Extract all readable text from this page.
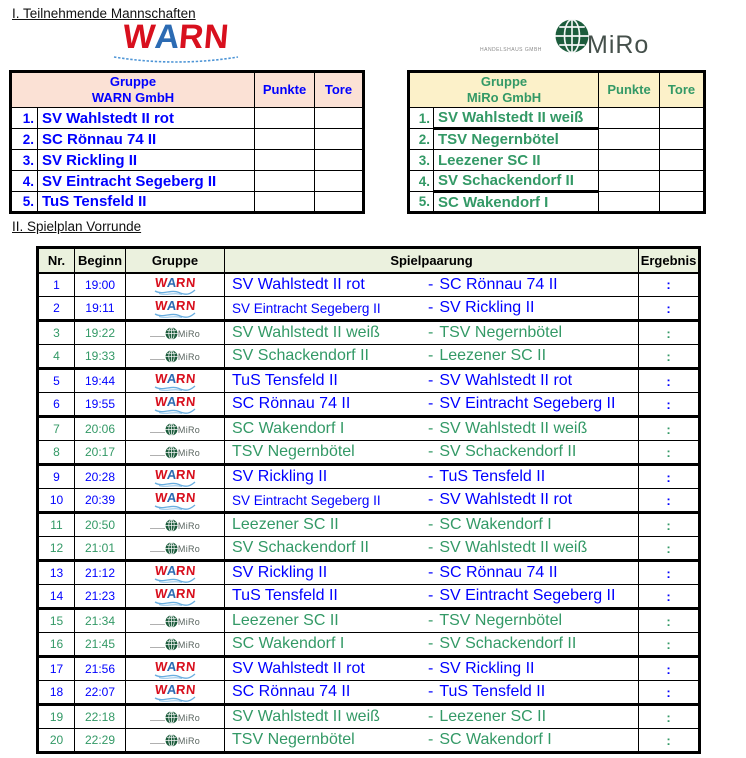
I. Teilnehmende Mannschaften
WARN	HANDELSHAUS GMBH MiRo
Gruppe
WARN GmbH		Punkte	Tore
1.	SV Wahlstedt II rot		
2.	SC Rönnau 74 II		
3.	SV Rickling II		
4.	SV Eintracht Segeberg II		
5.	TuS Tensfeld II		
Gruppe
MiRo GmbH		Punkte	Tore
1.	SV Wahlstedt II weiß		
2.	TSV Negernbötel		
3.	Leezener SC II		
4.	SV Schackendorf II		
5.	SC Wakendorf I		
II. Spielplan Vorrunde
Nr.	Beginn	Gruppe	Spielpaarung	Ergebnis
1	19:00	WARN	SV Wahlstedt II rot - SC Rönnau 74 II	:
2	19:11	WARN	SV Eintracht Segeberg II - SV Rickling II	:
3	19:22	MiRo	SV Wahlstedt II weiß - TSV Negernbötel	:
4	19:33	MiRo	SV Schackendorf II - Leezener SC II	:
5	19:44	WARN	TuS Tensfeld II - SV Wahlstedt II rot	:
6	19:55	WARN	SC Rönnau 74 II - SV Eintracht Segeberg II	:
7	20:06	MiRo	SC Wakendorf I - SV Wahlstedt II weiß	:
8	20:17	MiRo	TSV Negernbötel - SV Schackendorf II	:
9	20:28	WARN	SV Rickling II - TuS Tensfeld II	:
10	20:39	WARN	SV Eintracht Segeberg II - SV Wahlstedt II rot	:
11	20:50	MiRo	Leezener SC II - SC Wakendorf I	:
12	21:01	MiRo	SV Schackendorf II - SV Wahlstedt II weiß	:
13	21:12	WARN	SV Rickling II - SC Rönnau 74 II	:
14	21:23	WARN	TuS Tensfeld II - SV Eintracht Segeberg II	:
15	21:34	MiRo	Leezener SC II - TSV Negernbötel	:
16	21:45	MiRo	SC Wakendorf I - SV Schackendorf II	:
17	21:56	WARN	SV Wahlstedt II rot - SV Rickling II	:
18	22:07	WARN	SC Rönnau 74 II - TuS Tensfeld II	:
19	22:18	MiRo	SV Wahlstedt II weiß - Leezener SC II	:
20	22:29	MiRo	TSV Negernbötel - SC Wakendorf I	:
